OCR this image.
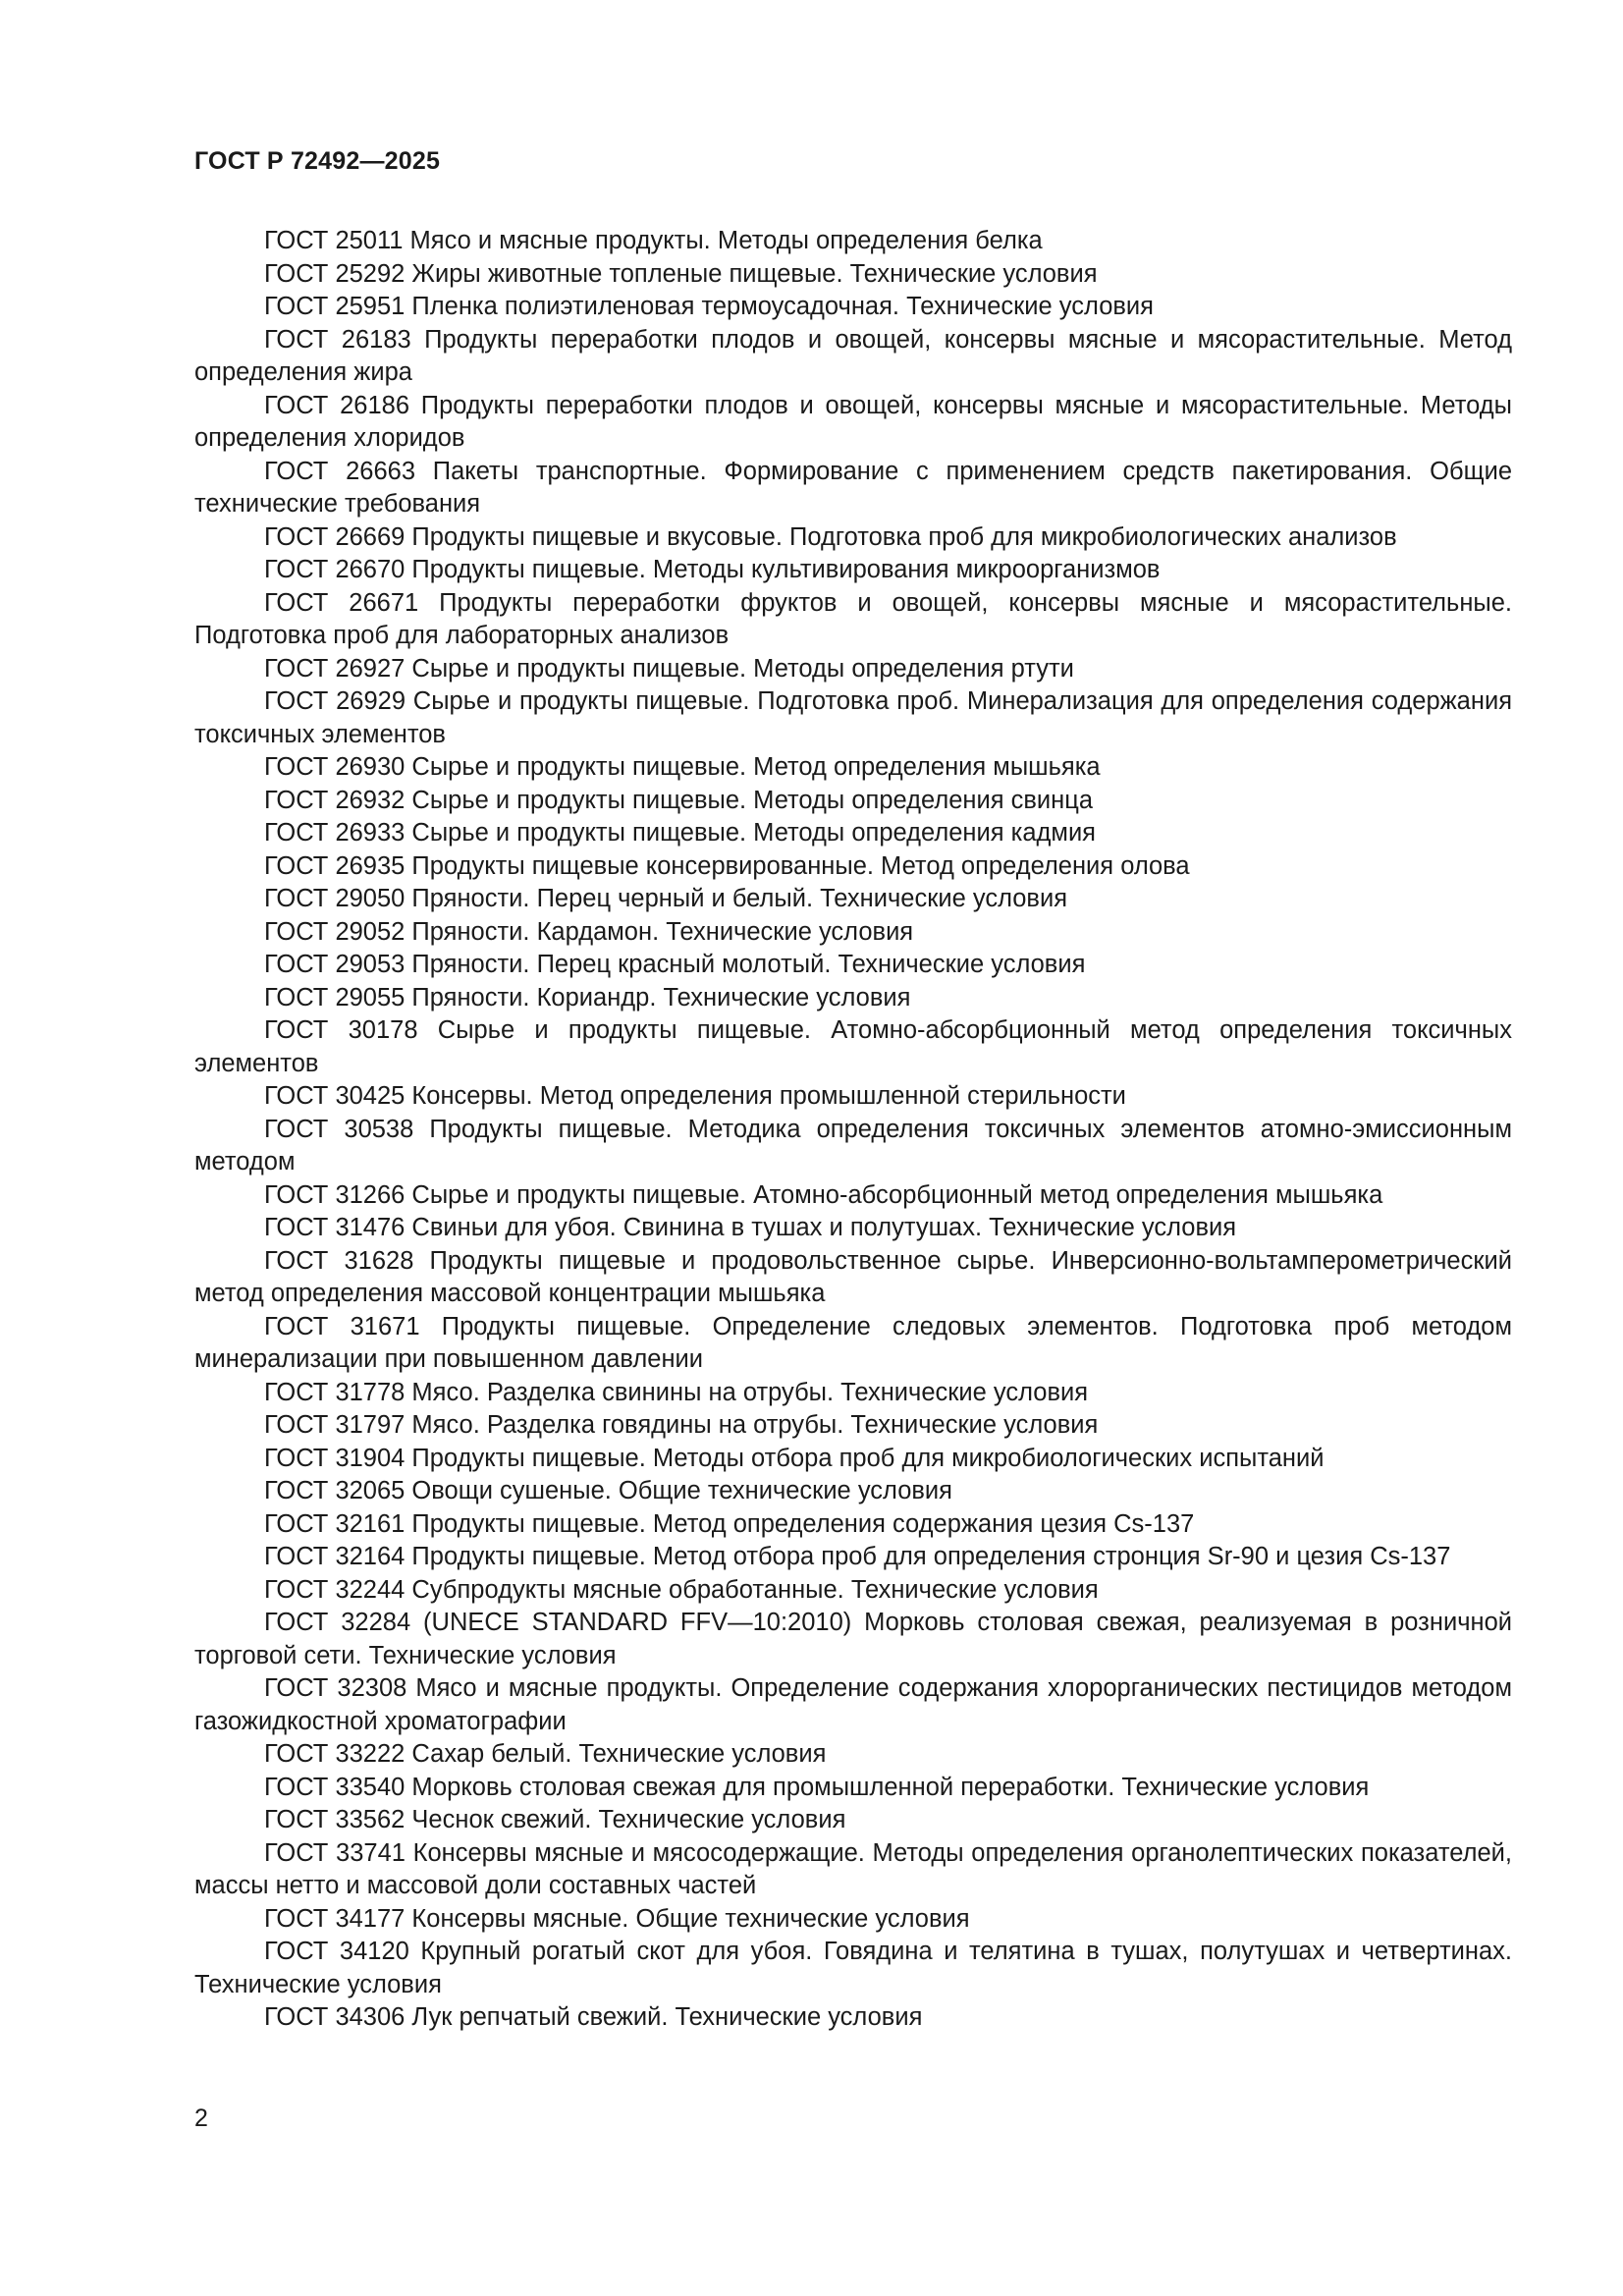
ГОСТ Р 72492—2025

ГОСТ 25011 Мясо и мясные продукты. Методы определения белка

ГОСТ 25292 Жиры животные топленые пищевые. Технические условия

ГОСТ 25951 Пленка полиэтиленовая термоусадочная. Технические условия

ГОСТ 26183 Продукты переработки плодов и овощей, консервы мясные и мясорастительные. Метод определения жира

ГОСТ 26186 Продукты переработки плодов и овощей, консервы мясные и мясорастительные. Методы определения хлоридов

ГОСТ 26663 Пакеты транспортные. Формирование с применением средств пакетирования. Общие технические требования

ГОСТ 26669 Продукты пищевые и вкусовые. Подготовка проб для микробиологических анализов

ГОСТ 26670 Продукты пищевые. Методы культивирования микроорганизмов

ГОСТ 26671 Продукты переработки фруктов и овощей, консервы мясные и мясорастительные. Подготовка проб для лабораторных анализов

ГОСТ 26927 Сырье и продукты пищевые. Методы определения ртути

ГОСТ 26929 Сырье и продукты пищевые. Подготовка проб. Минерализация для определения содержания токсичных элементов

ГОСТ 26930 Сырье и продукты пищевые. Метод определения мышьяка

ГОСТ 26932 Сырье и продукты пищевые. Методы определения свинца

ГОСТ 26933 Сырье и продукты пищевые. Методы определения кадмия

ГОСТ 26935 Продукты пищевые консервированные. Метод определения олова

ГОСТ 29050 Пряности. Перец черный и белый. Технические условия

ГОСТ 29052 Пряности. Кардамон. Технические условия

ГОСТ 29053 Пряности. Перец красный молотый. Технические условия

ГОСТ 29055 Пряности. Кориандр. Технические условия

ГОСТ 30178 Сырье и продукты пищевые. Атомно-абсорбционный метод определения токсичных элементов

ГОСТ 30425 Консервы. Метод определения промышленной стерильности

ГОСТ 30538 Продукты пищевые. Методика определения токсичных элементов атомно-эмиссионным методом

ГОСТ 31266 Сырье и продукты пищевые. Атомно-абсорбционный метод определения мышьяка

ГОСТ 31476 Свиньи для убоя. Свинина в тушах и полутушах. Технические условия

ГОСТ 31628 Продукты пищевые и продовольственное сырье. Инверсионно-вольтамперометрический метод определения массовой концентрации мышьяка

ГОСТ 31671 Продукты пищевые. Определение следовых элементов. Подготовка проб методом минерализации при повышенном давлении

ГОСТ 31778 Мясо. Разделка свинины на отрубы. Технические условия

ГОСТ 31797 Мясо. Разделка говядины на отрубы. Технические условия

ГОСТ 31904 Продукты пищевые. Методы отбора проб для микробиологических испытаний

ГОСТ 32065 Овощи сушеные. Общие технические условия

ГОСТ 32161 Продукты пищевые. Метод определения содержания цезия Cs-137

ГОСТ 32164 Продукты пищевые. Метод отбора проб для определения стронция Sr-90 и цезия Cs-137

ГОСТ 32244 Субпродукты мясные обработанные. Технические условия

ГОСТ 32284 (UNECE STANDARD FFV—10:2010) Морковь столовая свежая, реализуемая в розничной торговой сети. Технические условия

ГОСТ 32308 Мясо и мясные продукты. Определение содержания хлорорганических пестицидов методом газожидкостной хроматографии

ГОСТ 33222 Сахар белый. Технические условия

ГОСТ 33540 Морковь столовая свежая для промышленной переработки. Технические условия

ГОСТ 33562 Чеснок свежий. Технические условия

ГОСТ 33741 Консервы мясные и мясосодержащие. Методы определения органолептических показателей, массы нетто и массовой доли составных частей

ГОСТ 34177 Консервы мясные. Общие технические условия

ГОСТ 34120 Крупный рогатый скот для убоя. Говядина и телятина в тушах, полутушах и четвертинах. Технические условия

ГОСТ 34306 Лук репчатый свежий. Технические условия

2
